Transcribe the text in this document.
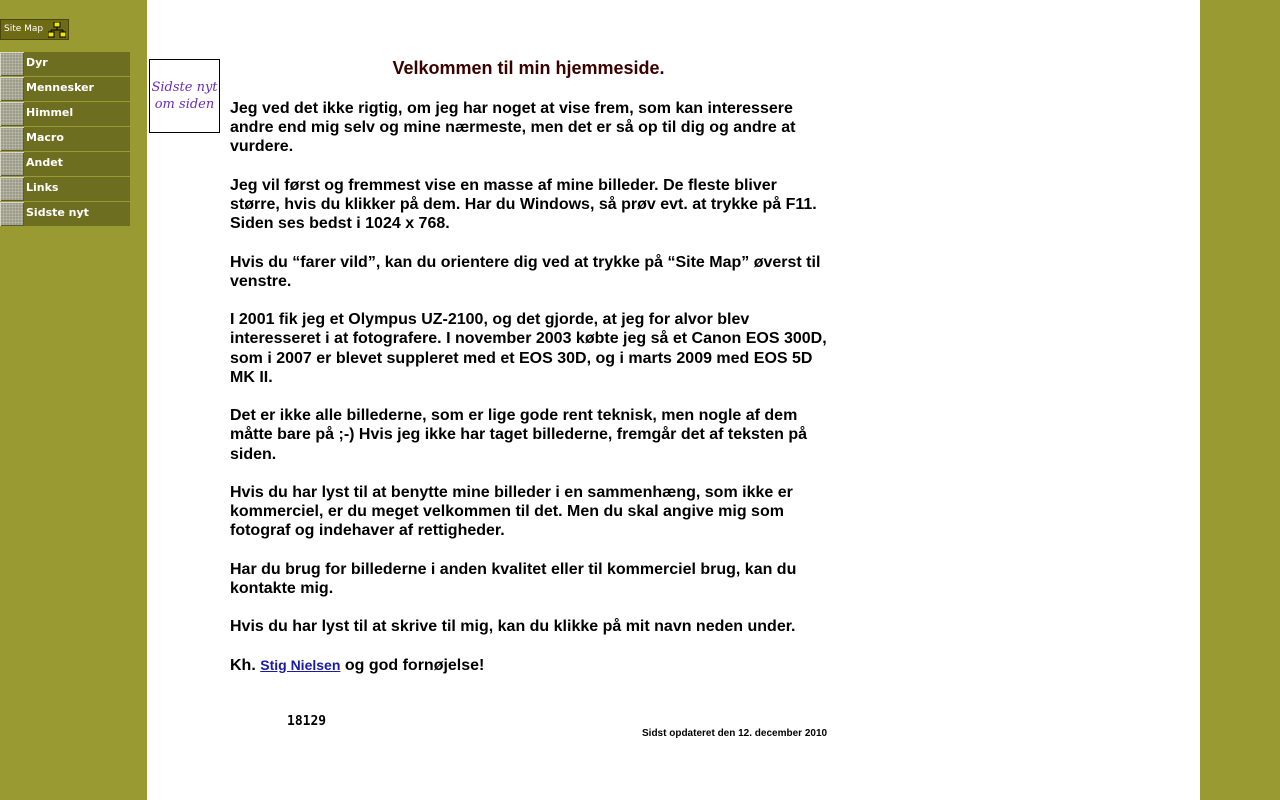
Site Map
Dyr
Mennesker
Himmel
Macro
Andet
Links
Sidste nyt
Sidste nyt
om siden
Velkommen til min hjemmeside.

Jeg ved det ikke rigtig, om jeg har noget at vise frem, som kan interessere andre end mig selv og mine nærmeste, men det er så op til dig og andre at vurdere.

Jeg vil først og fremmest vise en masse af mine billeder. De fleste bliver større, hvis du klikker på dem. Har du Windows, så prøv evt. at trykke på F11. Siden ses bedst i 1024 x 768.

Hvis du “farer vild”, kan du orientere dig ved at trykke på “Site Map” øverst til venstre.

I 2001 fik jeg et Olympus UZ-2100, og det gjorde, at jeg for alvor blev interesseret i at fotografere. I november 2003 købte jeg så et Canon EOS 300D, som i 2007 er blevet suppleret med et EOS 30D, og i marts 2009 med EOS 5D MK II.

Det er ikke alle billederne, som er lige gode rent teknisk, men nogle af dem måtte bare på ;-) Hvis jeg ikke har taget billederne, fremgår det af teksten på siden.

Hvis du har lyst til at benytte mine billeder i en sammenhæng, som ikke er kommerciel, er du meget velkommen til det. Men du skal angive mig som fotograf og indehaver af rettigheder.

Har du brug for billederne i anden kvalitet eller til kommerciel brug, kan du kontakte mig.

Hvis du har lyst til at skrive til mig, kan du klikke på mit navn neden under.

Kh. Stig Nielsen og god fornøjelse!

18129
Sidst opdateret den 12. december 2010
